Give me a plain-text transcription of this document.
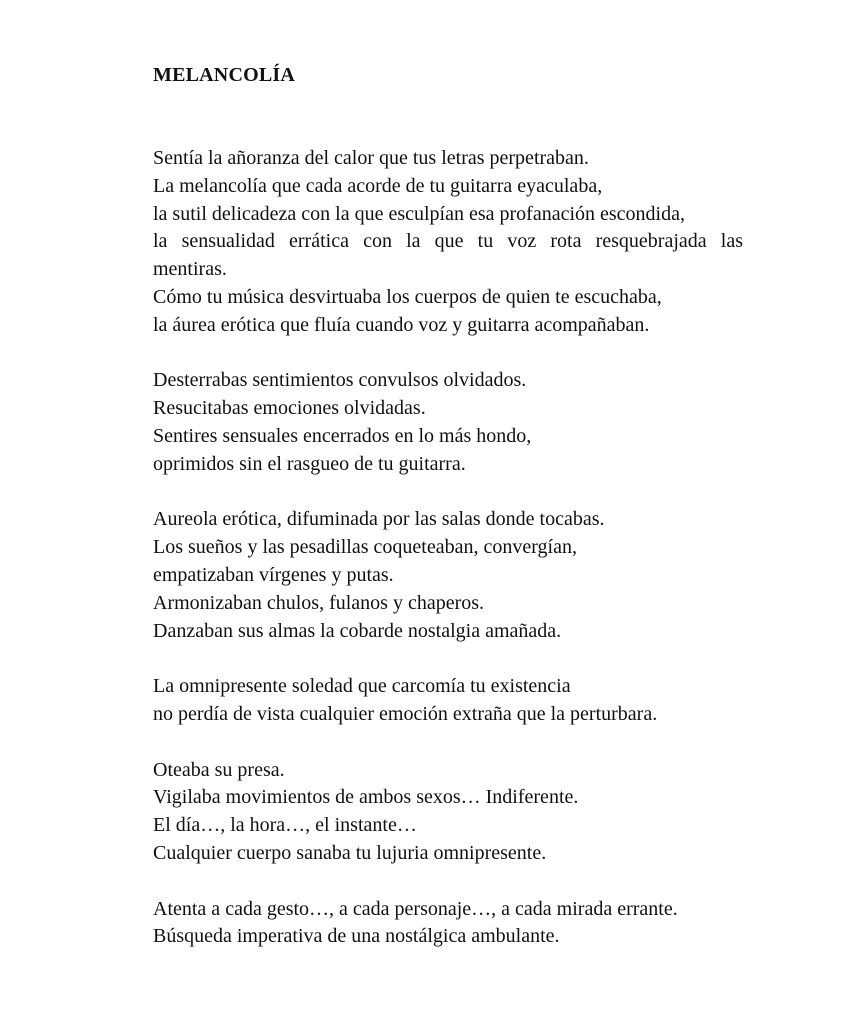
MELANCOLÍA
Sentía la añoranza del calor que tus letras perpetraban.
La melancolía que cada acorde de tu guitarra eyaculaba,
la sutil delicadeza con la que esculpían esa profanación escondida,
la sensualidad errática con la que tu voz rota resquebrajada las
mentiras.
Cómo tu música desvirtuaba los cuerpos de quien te escuchaba,
la áurea erótica que fluía cuando voz y guitarra acompañaban.
Desterrabas sentimientos convulsos olvidados.
Resucitabas emociones olvidadas.
Sentires sensuales encerrados en lo más hondo,
oprimidos sin el rasgueo de tu guitarra.
Aureola erótica, difuminada por las salas donde tocabas.
Los sueños y las pesadillas coqueteaban, convergían,
empatizaban vírgenes y putas.
Armonizaban chulos, fulanos y chaperos.
Danzaban sus almas la cobarde nostalgia amañada.
La omnipresente soledad que carcomía tu existencia
no perdía de vista cualquier emoción extraña que la perturbara.
Oteaba su presa.
Vigilaba movimientos de ambos sexos… Indiferente.
El día…, la hora…, el instante…
Cualquier cuerpo sanaba tu lujuria omnipresente.
Atenta a cada gesto…, a cada personaje…, a cada mirada errante.
Búsqueda imperativa de una nostálgica ambulante.
